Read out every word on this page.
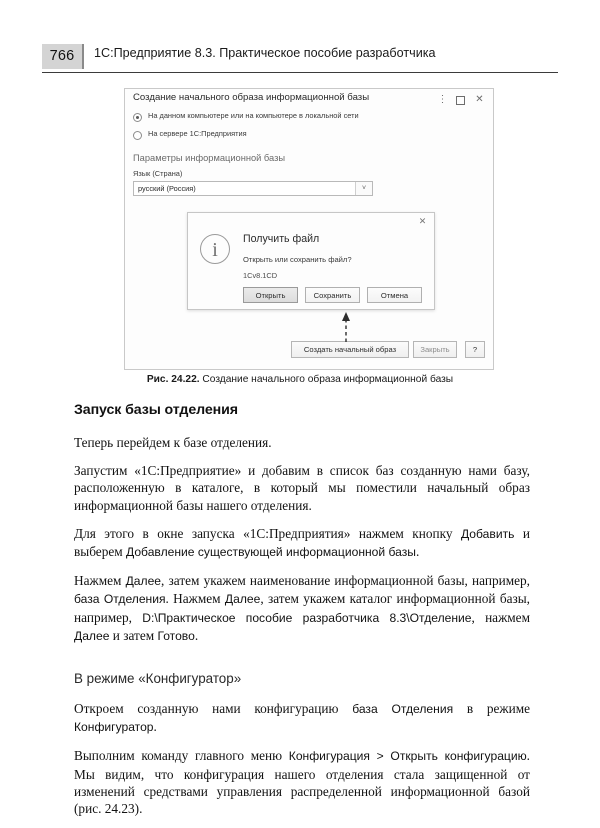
766	1С:Предприятие 8.3. Практическое пособие разработчика
Создание начального образа информационной базы	⋮	✕
На данном компьютере или на компьютере в локальной сети
На сервере 1С:Предприятия
Параметры информационной базы
Язык (Страна)
русский (Россия)	˅
Создать начальный образ	Закрыть	?
✕
i	Получить файл
Открыть или сохранить файл?
1Cv8.1CD
Открыть	Сохранить	Отмена
Рис. 24.22. Создание начального образа информационной базы
Запуск базы отделения

Теперь перейдем к базе отделения.

Запустим «1С:Предприятие» и добавим в список баз созданную нами базу, расположенную в каталоге, в который мы поместили начальный образ информационной базы нашего отделения.

Для этого в окне запуска «1С:Предприятия» нажмем кнопку Добавить и выберем Добавление существующей информационной базы.

Нажмем Далее, затем укажем наименование информационной базы, например, база Отделения. Нажмем Далее, затем укажем каталог информационной базы, например, D:\Практическое пособие разработчика 8.3\Отделение, нажмем Далее и затем Готово.

В режиме «Конфигуратор»

Откроем созданную нами конфигурацию база Отделения в режиме Конфигуратор.

Выполним команду главного меню Конфигурация > Открыть конфигурацию. Мы видим, что конфигурация нашего отделения стала защищенной от изменений средствами управления распределенной информационной базой (рис. 24.23).
